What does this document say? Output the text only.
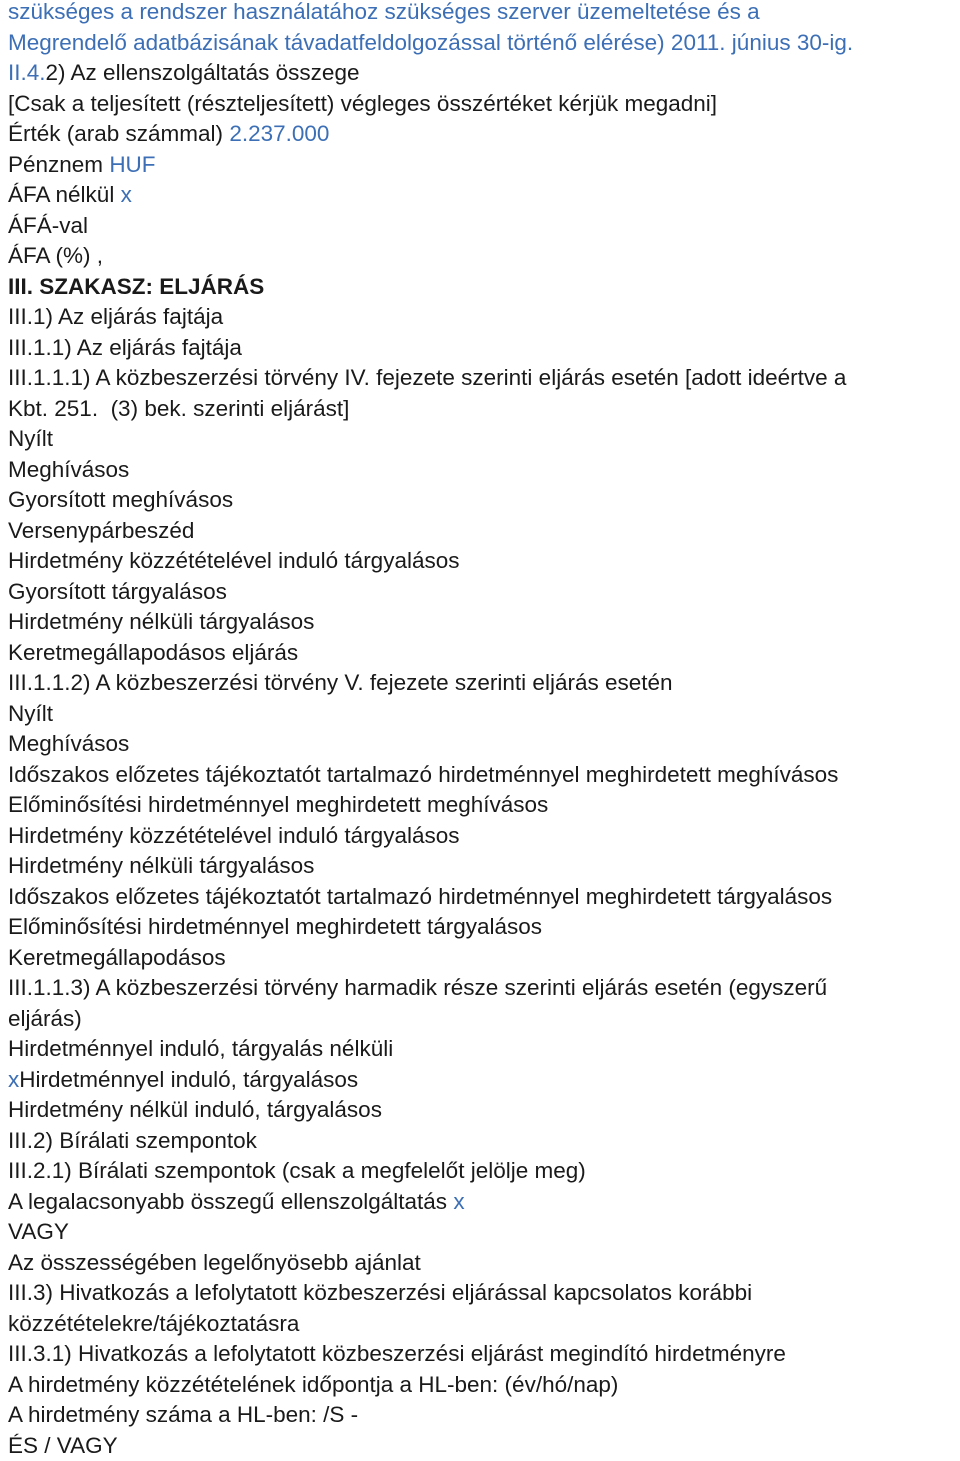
szükséges a rendszer használatához szükséges szerver üzemeltetése és a
Megrendelő adatbázisának távadatfeldolgozással történő elérése) 2011. június 30-ig.
II.4.2) Az ellenszolgáltatás összege
[Csak a teljesített (részteljesített) végleges összértéket kérjük megadni]
Érték (arab számmal) 2.237.000
Pénznem HUF
ÁFA nélkül x
ÁFÁ-val
ÁFA (%) ,
III. SZAKASZ: ELJÁRÁS
III.1) Az eljárás fajtája
III.1.1) Az eljárás fajtája
III.1.1.1) A közbeszerzési törvény IV. fejezete szerinti eljárás esetén [adott ideértve a
Kbt. 251.  (3) bek. szerinti eljárást]
Nyílt
Meghívásos
Gyorsított meghívásos
Versenypárbeszéd
Hirdetmény közzétételével induló tárgyalásos
Gyorsított tárgyalásos
Hirdetmény nélküli tárgyalásos
Keretmegállapodásos eljárás
III.1.1.2) A közbeszerzési törvény V. fejezete szerinti eljárás esetén
Nyílt
Meghívásos
Időszakos előzetes tájékoztatót tartalmazó hirdetménnyel meghirdetett meghívásos
Előminősítési hirdetménnyel meghirdetett meghívásos
Hirdetmény közzétételével induló tárgyalásos
Hirdetmény nélküli tárgyalásos
Időszakos előzetes tájékoztatót tartalmazó hirdetménnyel meghirdetett tárgyalásos
Előminősítési hirdetménnyel meghirdetett tárgyalásos
Keretmegállapodásos
III.1.1.3) A közbeszerzési törvény harmadik része szerinti eljárás esetén (egyszerű
eljárás)
Hirdetménnyel induló, tárgyalás nélküli
xHirdetménnyel induló, tárgyalásos
Hirdetmény nélkül induló, tárgyalásos
III.2) Bírálati szempontok
III.2.1) Bírálati szempontok (csak a megfelelőt jelölje meg)
A legalacsonyabb összegű ellenszolgáltatás x
VAGY
Az összességében legelőnyösebb ajánlat
III.3) Hivatkozás a lefolytatott közbeszerzési eljárással kapcsolatos korábbi
közzétételekre/tájékoztatásra
III.3.1) Hivatkozás a lefolytatott közbeszerzési eljárást megindító hirdetményre
A hirdetmény közzétételének időpontja a HL-ben: (év/hó/nap)
A hirdetmény száma a HL-ben: /S -
ÉS / VAGY
